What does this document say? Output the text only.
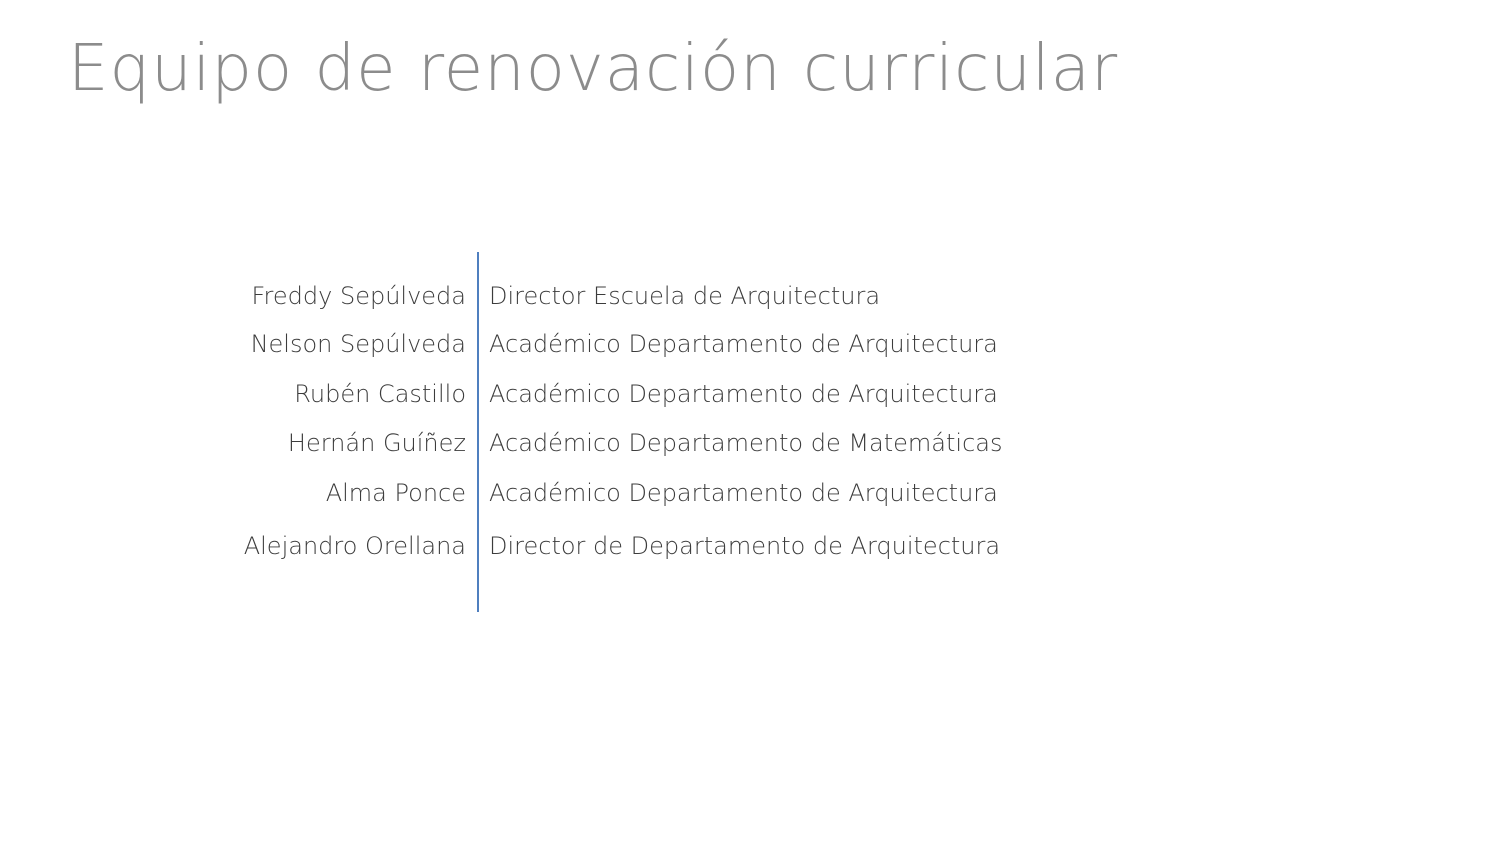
Equipo de renovación curricular
Freddy Sepúlveda Director Escuela de Arquitectura
Nelson Sepúlveda Académico Departamento de Arquitectura
Rubén Castillo Académico Departamento de Arquitectura
Hernán Guíñez Académico Departamento de Matemáticas
Alma Ponce Académico Departamento de Arquitectura
Alejandro Orellana Director de Departamento de Arquitectura
